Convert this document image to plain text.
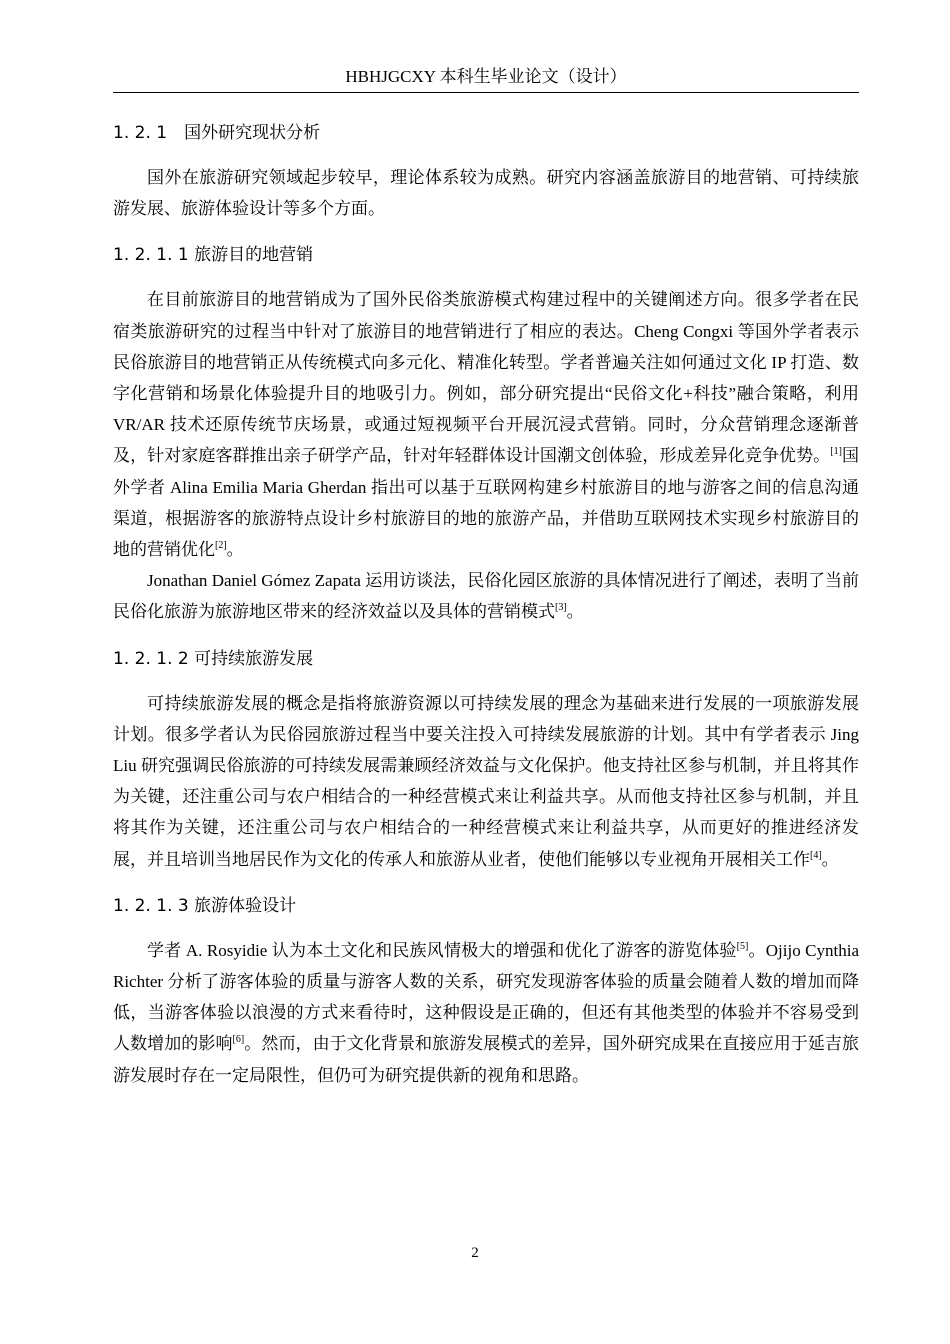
HBHJGCXY 本科生毕业论文（设计）
1. 2. 1　国外研究现状分析

国外在旅游研究领域起步较早，理论体系较为成熟。研究内容涵盖旅游目的地营销、可持续旅游发展、旅游体验设计等多个方面。

1. 2. 1. 1 旅游目的地营销

在目前旅游目的地营销成为了国外民俗类旅游模式构建过程中的关键阐述方向。很多学者在民宿类旅游研究的过程当中针对了旅游目的地营销进行了相应的表达。Cheng Congxi 等国外学者表示民俗旅游目的地营销正从传统模式向多元化、精准化转型。学者普遍关注如何通过文化 IP 打造、数字化营销和场景化体验提升目的地吸引力。例如，部分研究提出“民俗文化+科技”融合策略，利用 VR/AR 技术还原传统节庆场景，或通过短视频平台开展沉浸式营销。同时，分众营销理念逐渐普及，针对家庭客群推出亲子研学产品，针对年轻群体设计国潮文创体验，形成差异化竞争优势。[1]国外学者 Alina Emilia Maria Gherdan 指出可以基于互联网构建乡村旅游目的地与游客之间的信息沟通渠道，根据游客的旅游特点设计乡村旅游目的地的旅游产品，并借助互联网技术实现乡村旅游目的地的营销优化[2]。

Jonathan Daniel Gómez Zapata 运用访谈法，民俗化园区旅游的具体情况进行了阐述，表明了当前民俗化旅游为旅游地区带来的经济效益以及具体的营销模式[3]。

1. 2. 1. 2 可持续旅游发展

可持续旅游发展的概念是指将旅游资源以可持续发展的理念为基础来进行发展的一项旅游发展计划。很多学者认为民俗园旅游过程当中要关注投入可持续发展旅游的计划。其中有学者表示 Jing Liu 研究强调民俗旅游的可持续发展需兼顾经济效益与文化保护。他支持社区参与机制，并且将其作为关键，还注重公司与农户相结合的一种经营模式来让利益共享。从而他支持社区参与机制，并且将其作为关键，还注重公司与农户相结合的一种经营模式来让利益共享，从而更好的推进经济发展，并且培训当地居民作为文化的传承人和旅游从业者，使他们能够以专业视角开展相关工作[4]。

1. 2. 1. 3 旅游体验设计

学者 A. Rosyidie 认为本土文化和民族风情极大的增强和优化了游客的游览体验[5]。Ojijo Cynthia Richter 分析了游客体验的质量与游客人数的关系，研究发现游客体验的质量会随着人数的增加而降低，当游客体验以浪漫的方式来看待时，这种假设是正确的，但还有其他类型的体验并不容易受到人数增加的影响[6]。然而，由于文化背景和旅游发展模式的差异，国外研究成果在直接应用于延吉旅游发展时存在一定局限性，但仍可为研究提供新的视角和思路。

2
